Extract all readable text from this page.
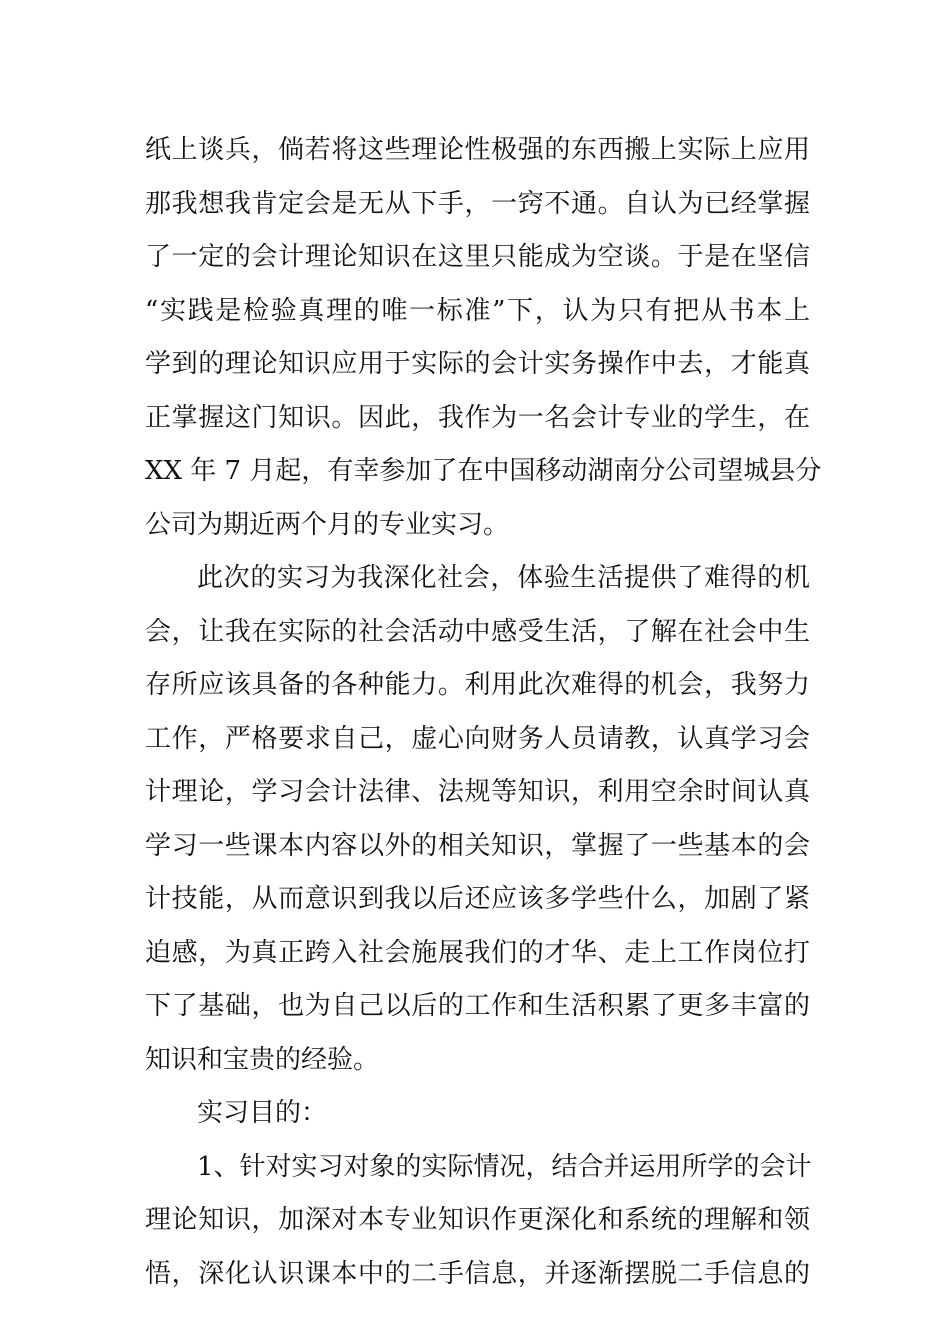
纸上谈兵，倘若将这些理论性极强的东西搬上实际上应用
那我想我肯定会是无从下手，一窍不通。自认为已经掌握
了一定的会计理论知识在这里只能成为空谈。于是在坚信
“实践是检验真理的唯一标准”下，认为只有把从书本上
学到的理论知识应用于实际的会计实务操作中去，才能真
正掌握这门知识。因此，我作为一名会计专业的学生，在
XX 年 7 月起，有幸参加了在中国移动湖南分公司望城县分
公司为期近两个月的专业实习。
此次的实习为我深化社会，体验生活提供了难得的机
会，让我在实际的社会活动中感受生活，了解在社会中生
存所应该具备的各种能力。利用此次难得的机会，我努力
工作，严格要求自己，虚心向财务人员请教，认真学习会
计理论，学习会计法律、法规等知识，利用空余时间认真
学习一些课本内容以外的相关知识，掌握了一些基本的会
计技能，从而意识到我以后还应该多学些什么，加剧了紧
迫感，为真正跨入社会施展我们的才华、走上工作岗位打
下了基础，也为自己以后的工作和生活积累了更多丰富的
知识和宝贵的经验。
实习目的：
1、针对实习对象的实际情况，结合并运用所学的会计
理论知识，加深对本专业知识作更深化和系统的理解和领
悟，深化认识课本中的二手信息，并逐渐摆脱二手信息的
